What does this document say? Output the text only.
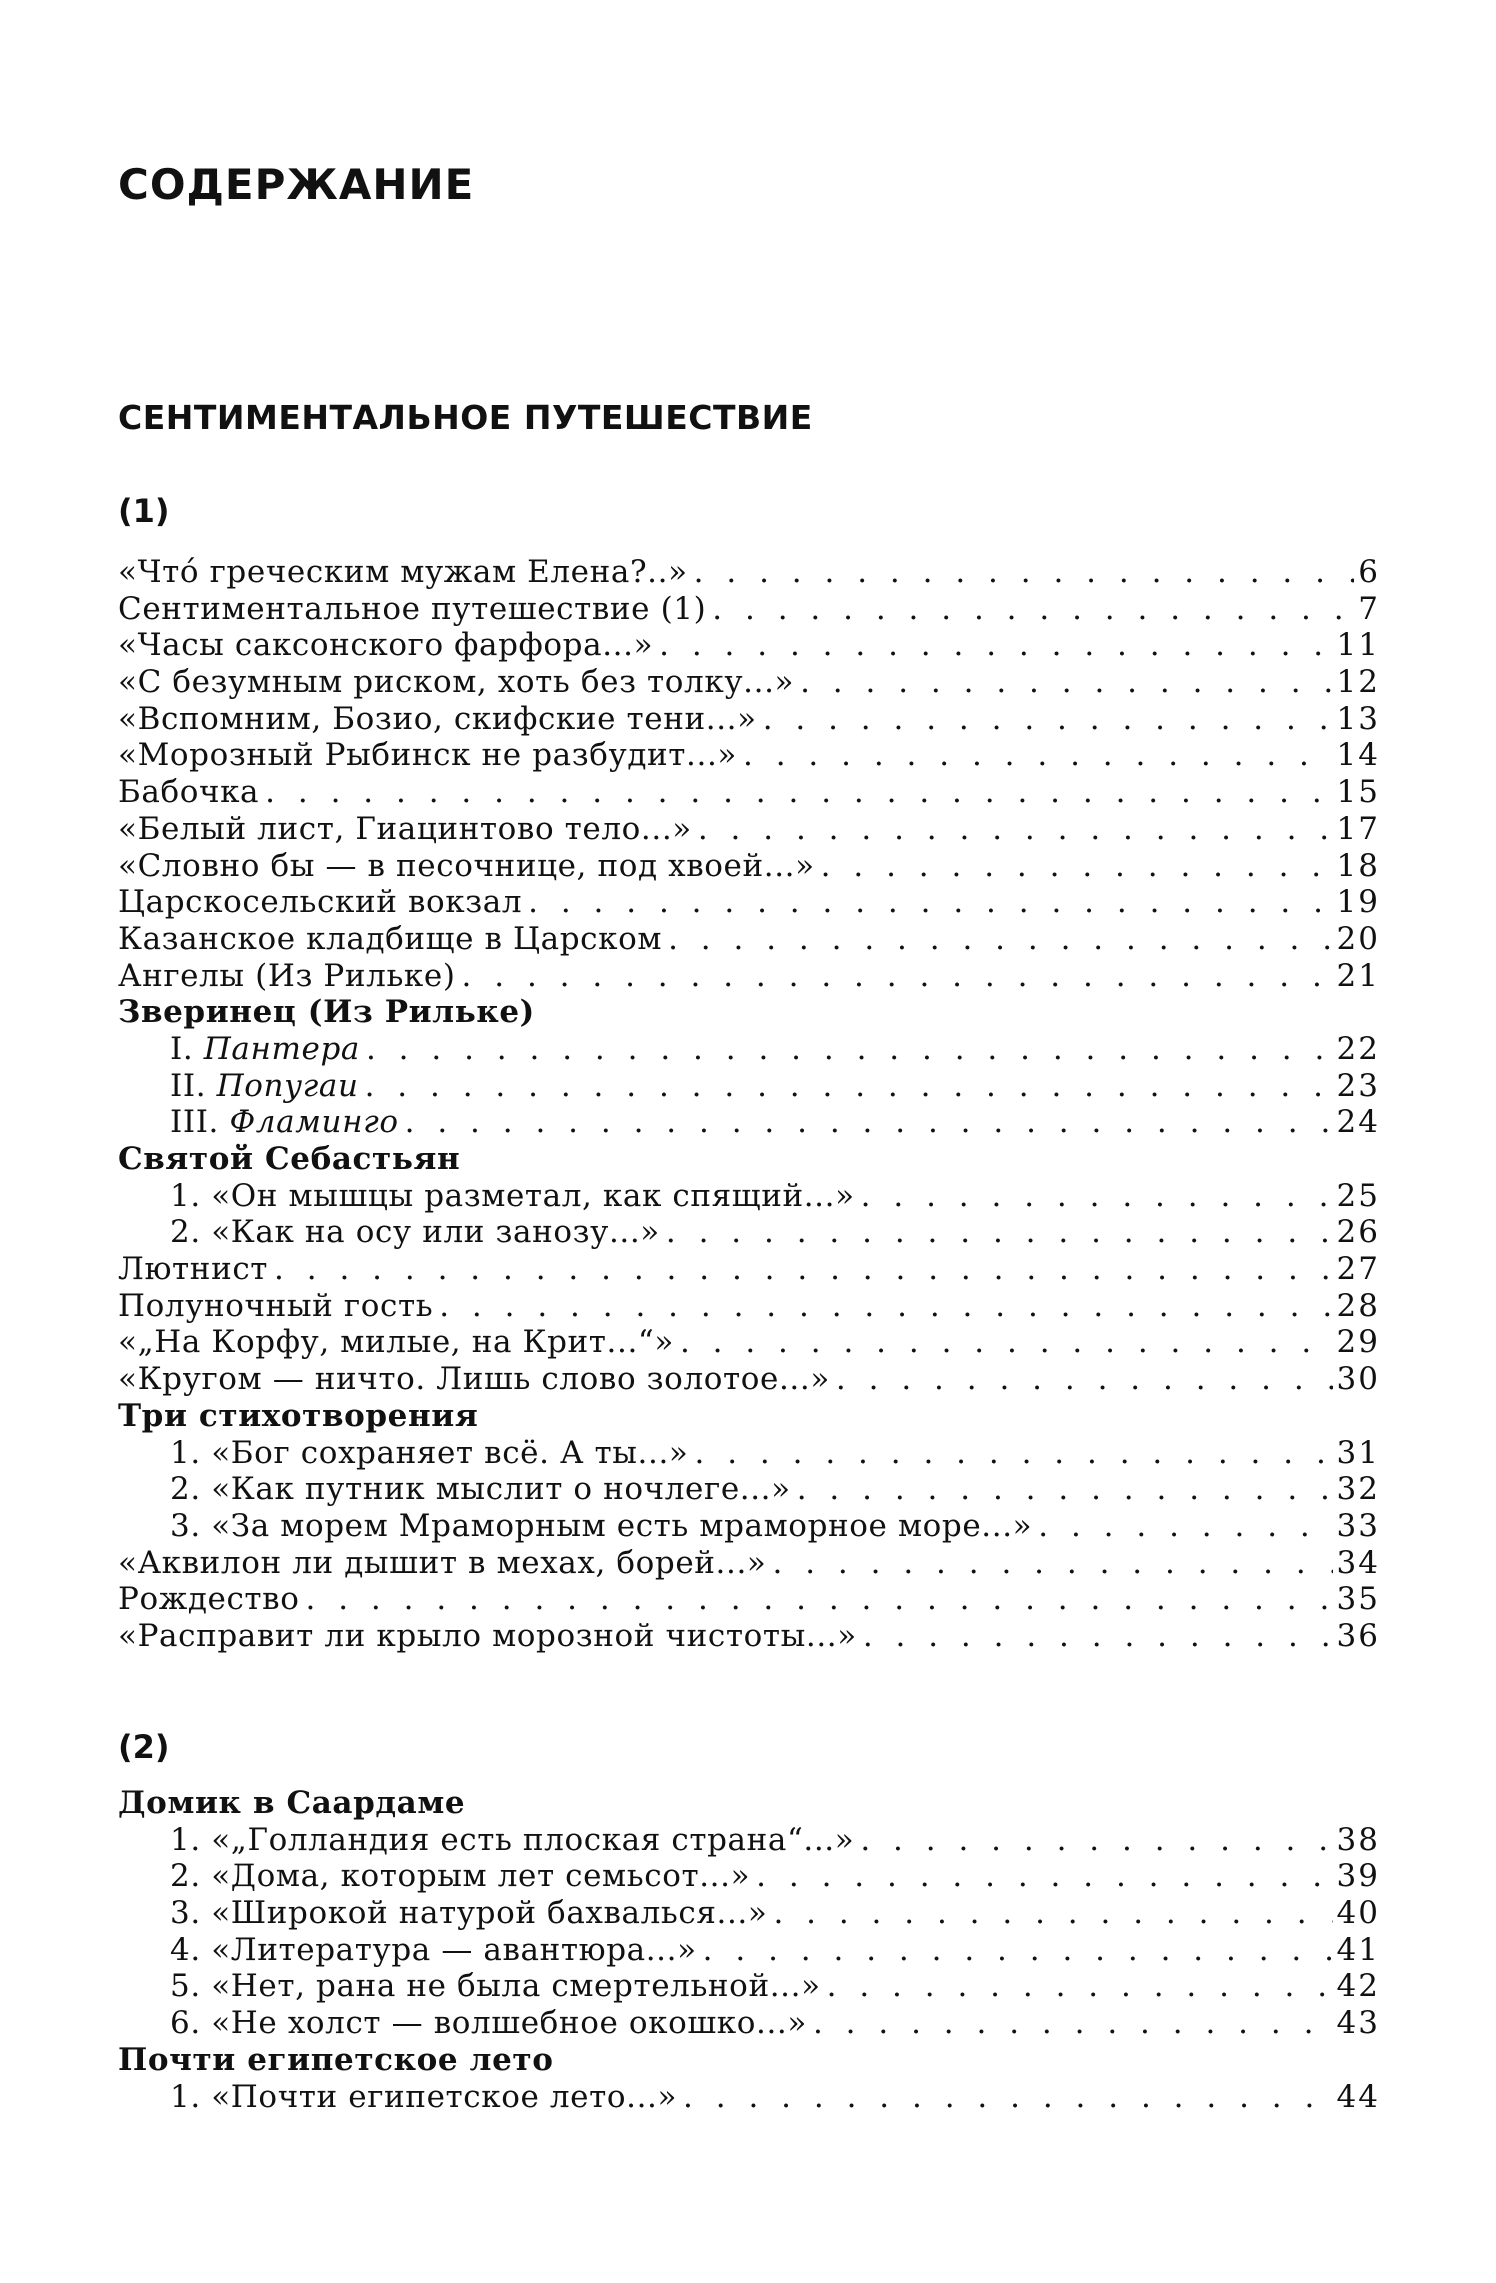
СОДЕРЖАНИЕ
СЕНТИМЕНТАЛЬНОЕ ПУТЕШЕСТВИЕ
(1)
«Что́ греческим мужам Елена?..» . . .	6
Сентиментальное путешествие (1) . . .	7
«Часы саксонского фарфора...» . . .	11
«С безумным риском, хоть без толку...» . . .	12
«Вспомним, Бозио, скифские тени...» . . .	13
«Морозный Рыбинск не разбудит...» . . .	14
Бабочка . . .	15
«Белый лист, Гиацинтово тело...» . . .	17
«Словно бы — в песочнице, под хвоей...» . . .	18
Царскосельский вокзал . . .	19
Казанское кладбище в Царском . . .	20
Ангелы (Из Рильке) . . .	21
Зверинец (Из Рильке)
I. Пантера . . .	22
II. Попугаи . . .	23
III. Фламинго . . .	24
Святой Себастьян
1. «Он мышцы разметал, как спящий...» . . .	25
2. «Как на осу или занозу...» . . .	26
Лютнист . . .	27
Полуночный гость . . .	28
«„На Корфу, милые, на Крит...“» . . .	29
«Кругом — ничто. Лишь слово золотое...» . . .	30
Три стихотворения
1. «Бог сохраняет всё. А ты...» . . .	31
2. «Как путник мыслит о ночлеге...» . . .	32
3. «За морем Мраморным есть мраморное море...» . . .	33
«Аквилон ли дышит в мехах, борей...» . . .	34
Рождество . . .	35
«Расправит ли крыло морозной чистоты...» . . .	36
(2)
Домик в Саардаме
1. «„Голландия есть плоская страна“...» . . .	38
2. «Дома, которым лет семьсот...» . . .	39
3. «Широкой натурой бахвалься...» . . .	40
4. «Литература — авантюра...» . . .	41
5. «Нет, рана не была смертельной...» . . .	42
6. «Не холст — волшебное окошко...» . . .	43
Почти египетское лето
1. «Почти египетское лето...» . . .	44
